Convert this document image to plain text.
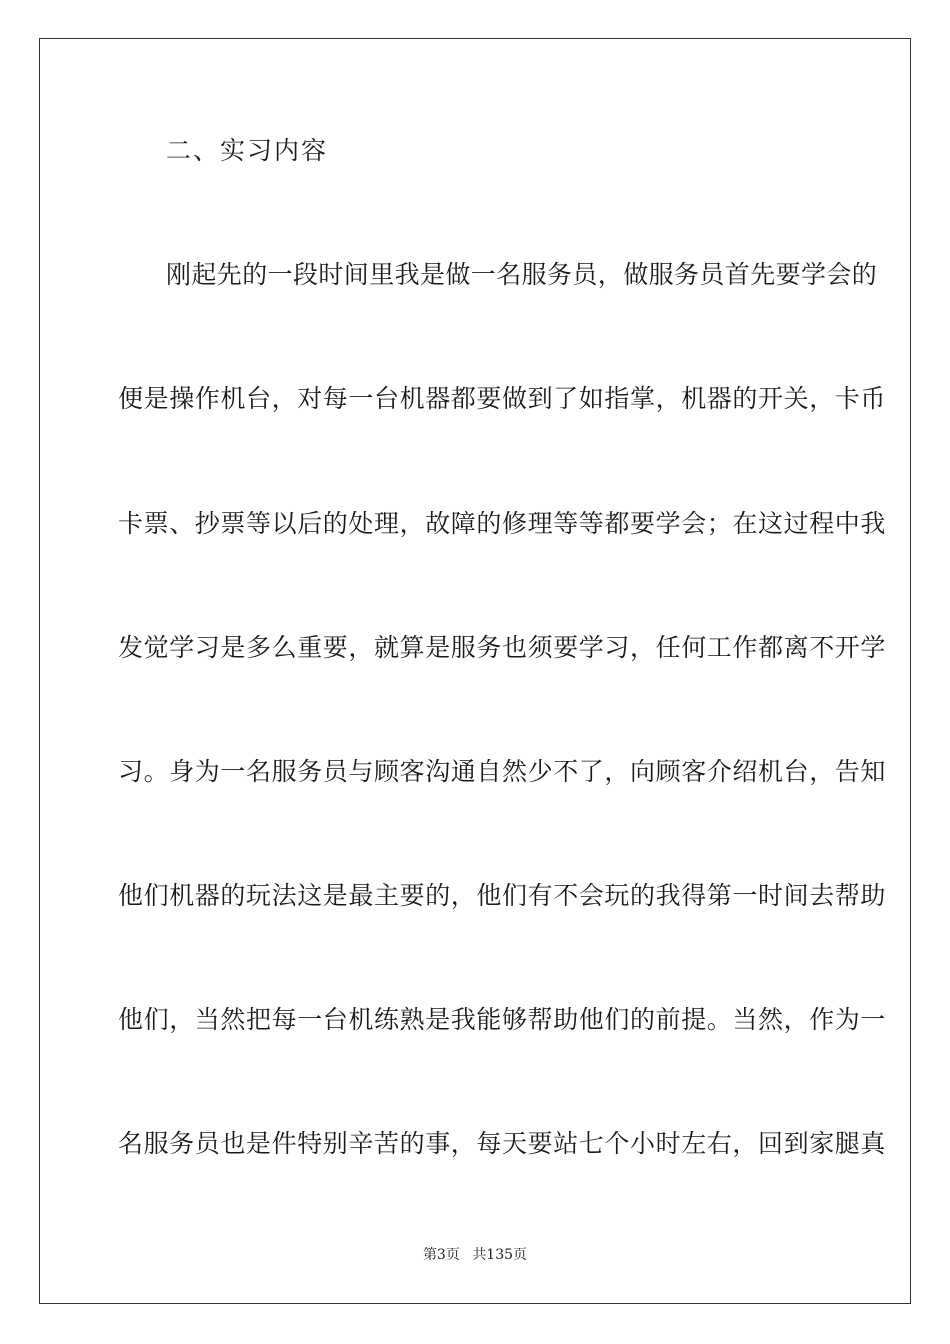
二、实习内容
刚起先的一段时间里我是做一名服务员，做服务员首先要学会的
便是操作机台，对每一台机器都要做到了如指掌，机器的开关，卡币
卡票、抄票等以后的处理，故障的修理等等都要学会；在这过程中我
发觉学习是多么重要，就算是服务也须要学习，任何工作都离不开学
习。身为一名服务员与顾客沟通自然少不了，向顾客介绍机台，告知
他们机器的玩法这是最主要的，他们有不会玩的我得第一时间去帮助
他们，当然把每一台机练熟是我能够帮助他们的前提。当然，作为一
名服务员也是件特别辛苦的事，每天要站七个小时左右，回到家腿真
第3页 共135页
